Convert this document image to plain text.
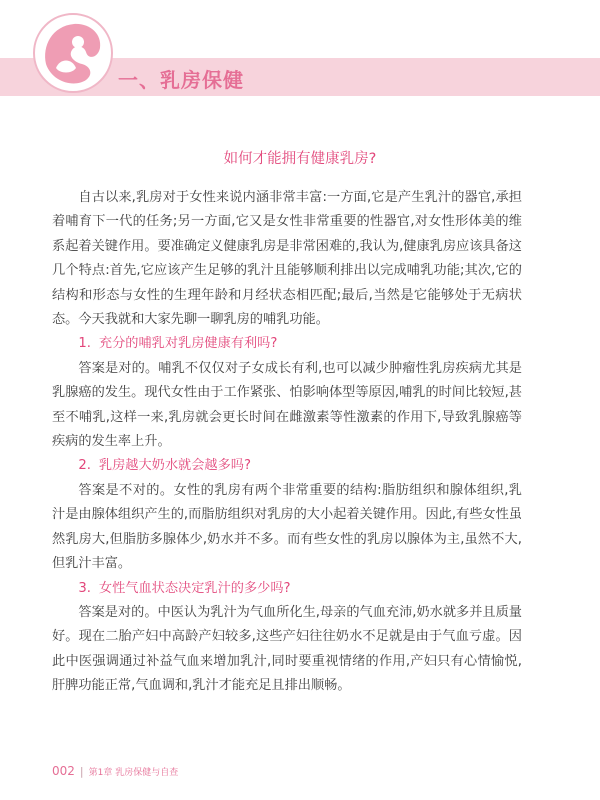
一、乳房保健
如何才能拥有健康乳房?

自古以来,乳房对于女性来说内涵非常丰富:一方面,它是产生乳汁的器官,承担着哺育下一代的任务;另一方面,它又是女性非常重要的性器官,对女性形体美的维系起着关键作用。要准确定义健康乳房是非常困难的,我认为,健康乳房应该具备这几个特点:首先,它应该产生足够的乳汁且能够顺利排出以完成哺乳功能;其次,它的结构和形态与女性的生理年龄和月经状态相匹配;最后,当然是它能够处于无病状态。今天我就和大家先聊一聊乳房的哺乳功能。

1. 充分的哺乳对乳房健康有利吗?

答案是对的。哺乳不仅仅对子女成长有利,也可以减少肿瘤性乳房疾病尤其是乳腺癌的发生。现代女性由于工作紧张、怕影响体型等原因,哺乳的时间比较短,甚至不哺乳,这样一来,乳房就会更长时间在雌激素等性激素的作用下,导致乳腺癌等疾病的发生率上升。

2. 乳房越大奶水就会越多吗?

答案是不对的。女性的乳房有两个非常重要的结构:脂肪组织和腺体组织,乳汁是由腺体组织产生的,而脂肪组织对乳房的大小起着关键作用。因此,有些女性虽然乳房大,但脂肪多腺体少,奶水并不多。而有些女性的乳房以腺体为主,虽然不大,但乳汁丰富。

3. 女性气血状态决定乳汁的多少吗?

答案是对的。中医认为乳汁为气血所化生,母亲的气血充沛,奶水就多并且质量好。现在二胎产妇中高龄产妇较多,这些产妇往往奶水不足就是由于气血亏虚。因此中医强调通过补益气血来增加乳汁,同时要重视情绪的作用,产妇只有心情愉悦,肝脾功能正常,气血调和,乳汁才能充足且排出顺畅。

002 | 第1章 乳房保健与自查
